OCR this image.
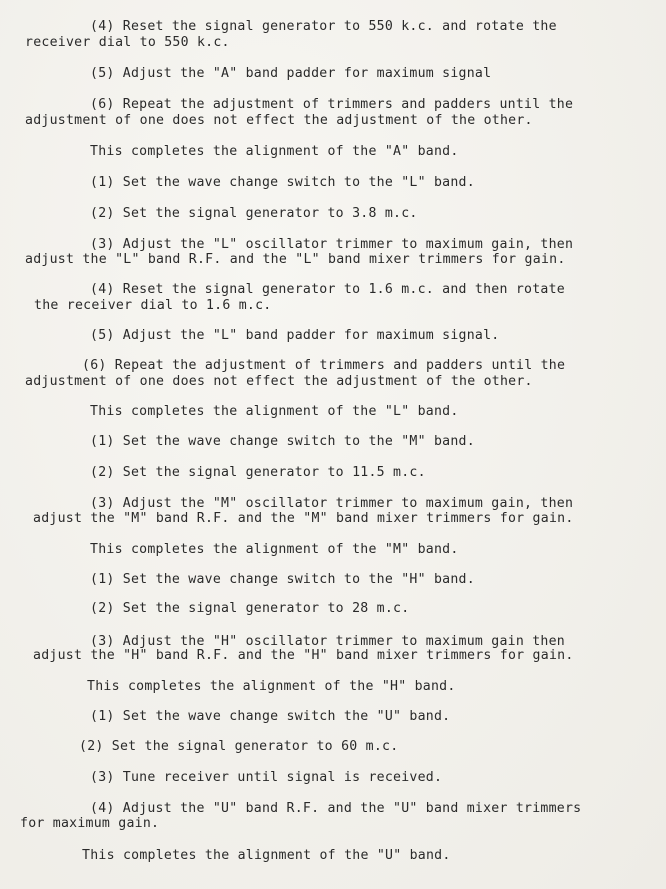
(4) Reset the signal generator to 550 k.c. and rotate the
receiver dial to 550 k.c.
(5) Adjust the "A" band padder for maximum signal
(6) Repeat the adjustment of trimmers and padders until the
adjustment of one does not effect the adjustment of the other.
This completes the alignment of the "A" band.
(1) Set the wave change switch to the "L" band.
(2) Set the signal generator to 3.8 m.c.
(3) Adjust the "L" oscillator trimmer to maximum gain, then
adjust the "L" band R.F. and the "L" band mixer trimmers for gain.
(4) Reset the signal generator to 1.6 m.c. and then rotate
the receiver dial to 1.6 m.c.
(5) Adjust the "L" band padder for maximum signal.
(6) Repeat the adjustment of trimmers and padders until the
adjustment of one does not effect the adjustment of the other.
This completes the alignment of the "L" band.
(1) Set the wave change switch to the "M" band.
(2) Set the signal generator to 11.5 m.c.
(3) Adjust the "M" oscillator trimmer to maximum gain, then
adjust the "M" band R.F. and the "M" band mixer trimmers for gain.
This completes the alignment of the "M" band.
(1) Set the wave change switch to the "H" band.
(2) Set the signal generator to 28 m.c.
(3) Adjust the "H" oscillator trimmer to maximum gain then
adjust the "H" band R.F. and the "H" band mixer trimmers for gain.
This completes the alignment of the "H" band.
(1) Set the wave change switch the "U" band.
(2) Set the signal generator to 60 m.c.
(3) Tune receiver until signal is received.
(4) Adjust the "U" band R.F. and the "U" band mixer trimmers
for maximum gain.
This completes the alignment of the "U" band.
